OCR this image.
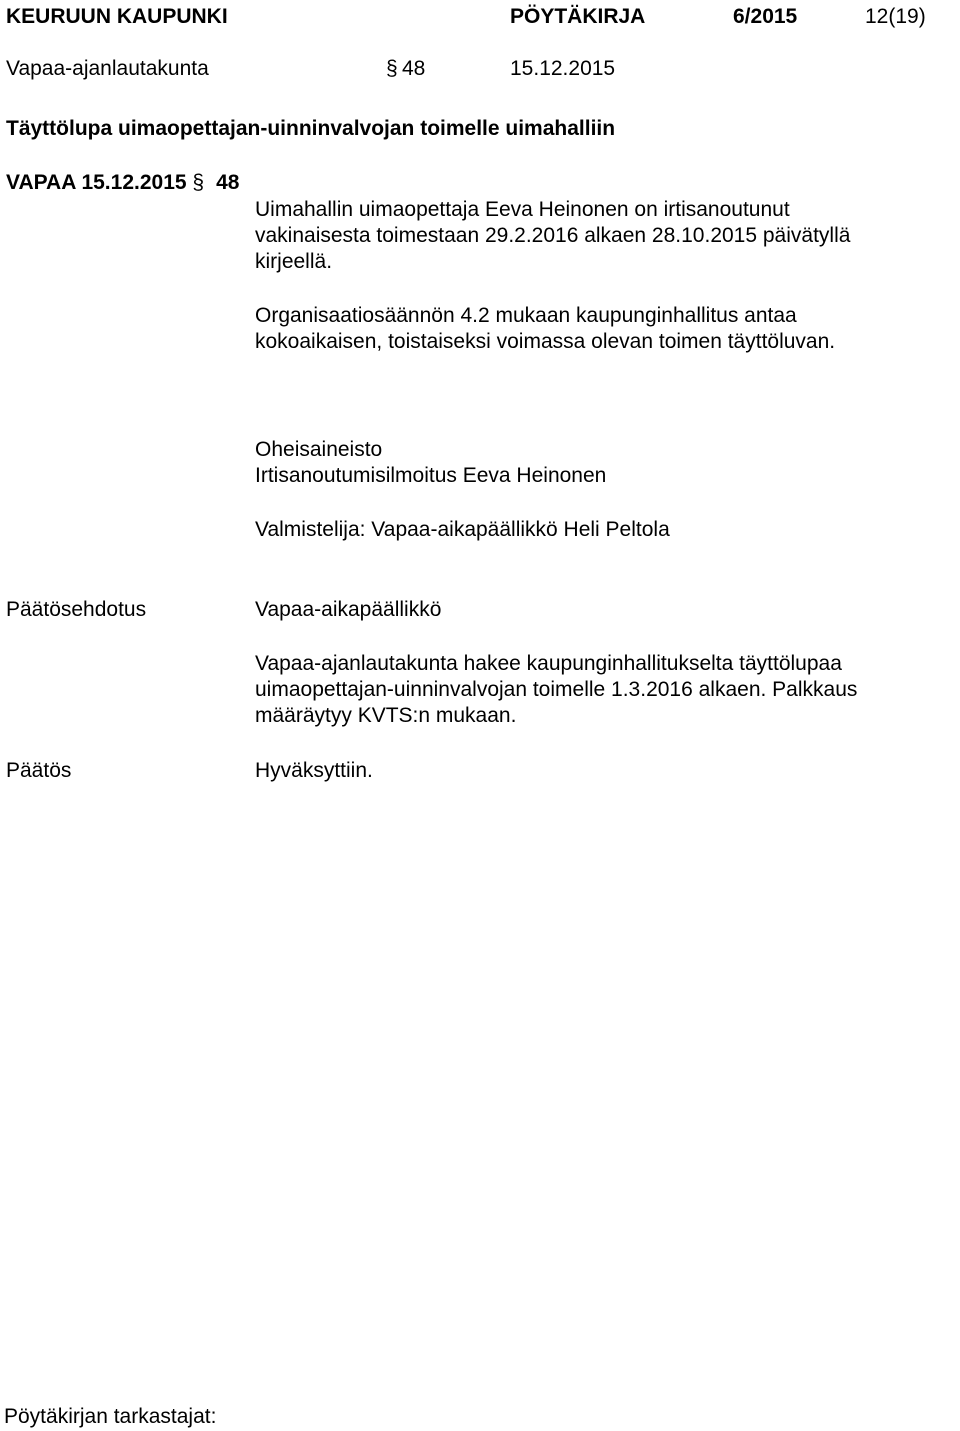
KEURUUN KAUPUNKI	PÖYTÄKIRJA	6/2015	12(19)
Vapaa-ajanlautakunta	§ 48	15.12.2015
Täyttölupa uimaopettajan-uinninvalvojan toimelle uimahalliin
VAPAA 15.12.2015 § 48
Uimahallin uimaopettaja Eeva Heinonen on irtisanoutunut
vakinaisesta toimestaan 29.2.2016 alkaen 28.10.2015 päivätyllä
kirjeellä.
Organisaatiosäännön 4.2 mukaan kaupunginhallitus antaa
kokoaikaisen, toistaiseksi voimassa olevan toimen täyttöluvan.
Oheisaineisto
Irtisanoutumisilmoitus Eeva Heinonen
Valmistelija: Vapaa-aikapäällikkö Heli Peltola
Päätösehdotus	Vapaa-aikapäällikkö
Vapaa-ajanlautakunta hakee kaupunginhallitukselta täyttölupaa
uimaopettajan-uinninvalvojan toimelle 1.3.2016 alkaen. Palkkaus
määräytyy KVTS:n mukaan.
Päätös	Hyväksyttiin.
Pöytäkirjan tarkastajat:
